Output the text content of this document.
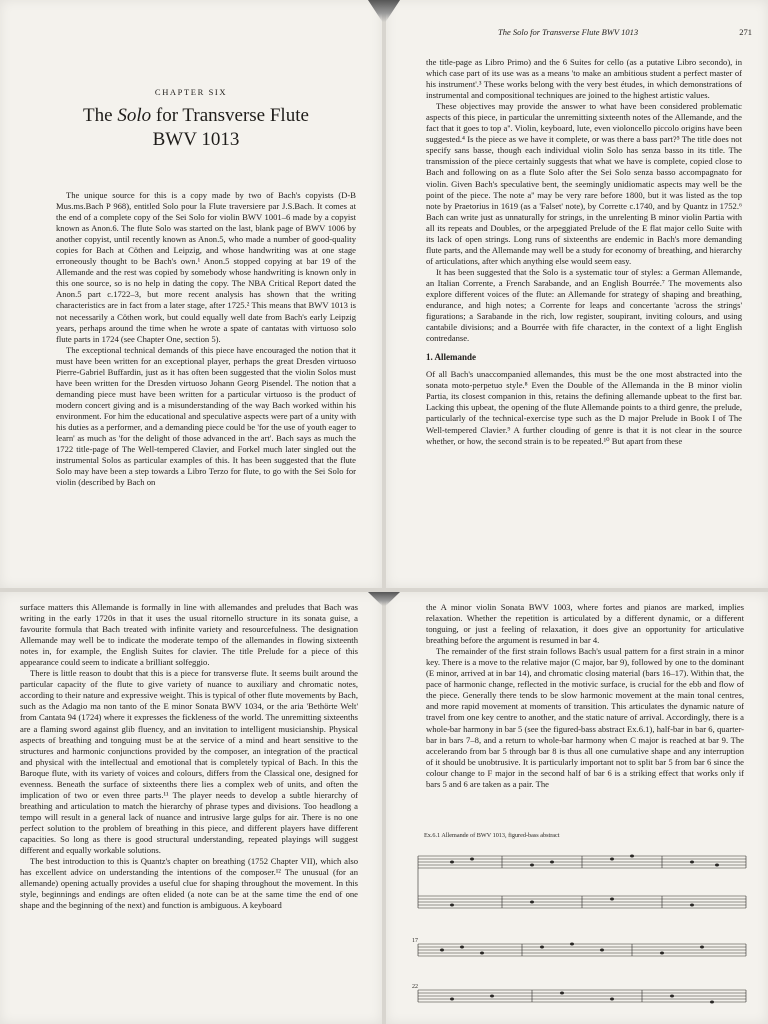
CHAPTER SIX
The Solo for Transverse Flute
BWV 1013

The unique source for this is a copy made by two of Bach's copyists (D-B Mus.ms.Bach P 968), entitled Solo pour la Flute traversiere par J.S.Bach. It comes at the end of a complete copy of the Sei Solo for violin BWV 1001–6 made by a copyist known as Anon.6. The flute Solo was started on the last, blank page of BWV 1006 by another copyist, until recently known as Anon.5, who made a number of good-quality copies for Bach at Cöthen and Leipzig, and whose handwriting was at one stage erroneously thought to be Bach's own.¹ Anon.5 stopped copying at bar 19 of the Allemande and the rest was copied by somebody whose handwriting is known only in this one source, so is no help in dating the copy. The NBA Critical Report dated the Anon.5 part c.1722–3, but more recent analysis has shown that the writing characteristics are in fact from a later stage, after 1725.² This means that BWV 1013 is not necessarily a Cöthen work, but could equally well date from Bach's early Leipzig years, perhaps around the time when he wrote a spate of cantatas with virtuoso solo flute parts in 1724 (see Chapter One, section 5).

The exceptional technical demands of this piece have encouraged the notion that it must have been written for an exceptional player, perhaps the great Dresden virtuoso Pierre-Gabriel Buffardin, just as it has often been suggested that the violin Solos must have been written for the Dresden virtuoso Johann Georg Pisendel. The notion that a demanding piece must have been written for a particular virtuoso is the product of modern concert giving and is a misunderstanding of the way Bach worked within his environment. For him the educational and speculative aspects were part of a unity with his duties as a performer, and a demanding piece could be 'for the use of youth eager to learn' as much as 'for the delight of those advanced in the art'. Bach says as much the 1722 title-page of The Well-tempered Clavier, and Forkel much later singled out the instrumental Solos as particular examples of this. It has been suggested that the flute Solo may have been a step towards a Libro Terzo for flute, to go with the Sei Solo for violin (described by Bach on

The Solo for Transverse Flute BWV 1013	271

the title-page as Libro Primo) and the 6 Suites for cello (as a putative Libro secondo), in which case part of its use was as a means 'to make an ambitious student a perfect master of his instrument'.³ These works belong with the very best études, in which demonstrations of instrumental and compositional techniques are joined to the highest artistic values.

These objectives may provide the answer to what have been considered problematic aspects of this piece, in particular the unremitting sixteenth notes of the Allemande, and the fact that it goes to top a''. Violin, keyboard, lute, even violoncello piccolo origins have been suggested.⁴ Is the piece as we have it complete, or was there a bass part?⁵ The title does not specify sans basse, though each individual violin Solo has senza basso in its title. The transmission of the piece certainly suggests that what we have is complete, copied close to Bach and following on as a flute Solo after the Sei Solo senza basso accompagnato for violin. Given Bach's speculative bent, the seemingly unidiomatic aspects may well be the point of the piece. The note a'' may be very rare before 1800, but it was listed as the top note by Praetorius in 1619 (as a 'Falset' note), by Corrette c.1740, and by Quantz in 1752.⁶ Bach can write just as unnaturally for strings, in the unrelenting B minor violin Partia with all its repeats and Doubles, or the arpeggiated Prelude of the E flat major cello Suite with its lack of open strings. Long runs of sixteenths are endemic in Bach's more demanding flute parts, and the Allemande may well be a study for economy of breathing, and hierarchy of articulations, after which anything else would seem easy.

It has been suggested that the Solo is a systematic tour of styles: a German Allemande, an Italian Corrente, a French Sarabande, and an English Bourrée.⁷ The movements also explore different voices of the flute: an Allemande for strategy of shaping and breathing, endurance, and high notes; a Corrente for leaps and concertante 'across the strings' figurations; a Sarabande in the rich, low register, soupirant, inviting colours, and using cantabile divisions; and a Bourrée with fife character, in the context of a light English contredanse.

1. Allemande

Of all Bach's unaccompanied allemandes, this must be the one most abstracted into the sonata moto-perpetuo style.⁸ Even the Double of the Allemanda in the B minor violin Partia, its closest companion in this, retains the defining allemande upbeat to the first bar. Lacking this upbeat, the opening of the flute Allemande points to a third genre, the prelude, particularly of the technical-exercise type such as the D major Prelude in Book I of The Well-tempered Clavier.⁹ A further clouding of genre is that it is not clear in the source whether, or how, the second strain is to be repeated.¹⁰ But apart from these

surface matters this Allemande is formally in line with allemandes and preludes that Bach was writing in the early 1720s in that it uses the usual ritornello structure in its sonata guise, a favourite formula that Bach treated with infinite variety and resourcefulness. The designation Allemande may well be to indicate the moderate tempo of the allemandes in flowing sixteenth notes in, for example, the English Suites for clavier. The title Prelude for a piece of this appearance could seem to indicate a brilliant solfeggio.

There is little reason to doubt that this is a piece for transverse flute. It seems built around the particular capacity of the flute to give variety of nuance to auxiliary and chromatic notes, according to their nature and expressive weight. This is typical of other flute movements by Bach, such as the Adagio ma non tanto of the E minor Sonata BWV 1034, or the aria 'Bethörte Welt' from Cantata 94 (1724) where it expresses the fickleness of the world. The unremitting sixteenths are a flaming sword against glib fluency, and an invitation to intelligent musicianship. Physical aspects of breathing and tonguing must be at the service of a mind and heart sensitive to the structures and harmonic conjunctions provided by the composer, an integration of the practical and physical with the intellectual and emotional that is completely typical of Bach. In this the Baroque flute, with its variety of voices and colours, differs from the Classical one, designed for evenness. Beneath the surface of sixteenths there lies a complex web of units, and often the implication of two or even three parts.¹¹ The player needs to develop a subtle hierarchy of breathing and articulation to match the hierarchy of phrase types and divisions. Too headlong a tempo will result in a general lack of nuance and intrusive large gulps for air. There is no one perfect solution to the problem of breathing in this piece, and different players have different capacities. So long as there is good structural understanding, repeated playings will suggest different and equally workable solutions.

The best introduction to this is Quantz's chapter on breathing (1752 Chapter VII), which also has excellent advice on understanding the intentions of the composer.¹² The unusual (for an allemande) opening actually provides a useful clue for shaping throughout the movement. In this style, beginnings and endings are often elided (a note can be at the same time the end of one shape and the beginning of the next) and function is ambiguous. A keyboard

the A minor violin Sonata BWV 1003, where fortes and pianos are marked, implies relaxation. Whether the repetition is articulated by a different dynamic, or a different tonguing, or just a feeling of relaxation, it does give an opportunity for articulative breathing before the argument is resumed in bar 4.

The remainder of the first strain follows Bach's usual pattern for a first strain in a minor key. There is a move to the relative major (C major, bar 9), followed by one to the dominant (E minor, arrived at in bar 14), and chromatic closing material (bars 16–17). Within that, the pace of harmonic change, reflected in the motivic surface, is crucial for the ebb and flow of the piece. Generally there tends to be slow harmonic movement at the main tonal centres, and more rapid movement at moments of transition. This articulates the dynamic nature of travel from one key centre to another, and the static nature of arrival. Accordingly, there is a whole-bar harmony in bar 5 (see the figured-bass abstract Ex.6.1), half-bar in bar 6, quarter-bar in bars 7–8, and a return to whole-bar harmony when C major is reached at bar 9. The accelerando from bar 5 through bar 8 is thus all one cumulative shape and any interruption of it should be unobtrusive. It is particularly important not to split bar 5 from bar 6 since the colour change to F major in the second half of bar 6 is a striking effect that works only if bars 5 and 6 are taken as a pair. The

Ex.6.1 Allemande of BWV 1013, figured-bass abstract
17
22
